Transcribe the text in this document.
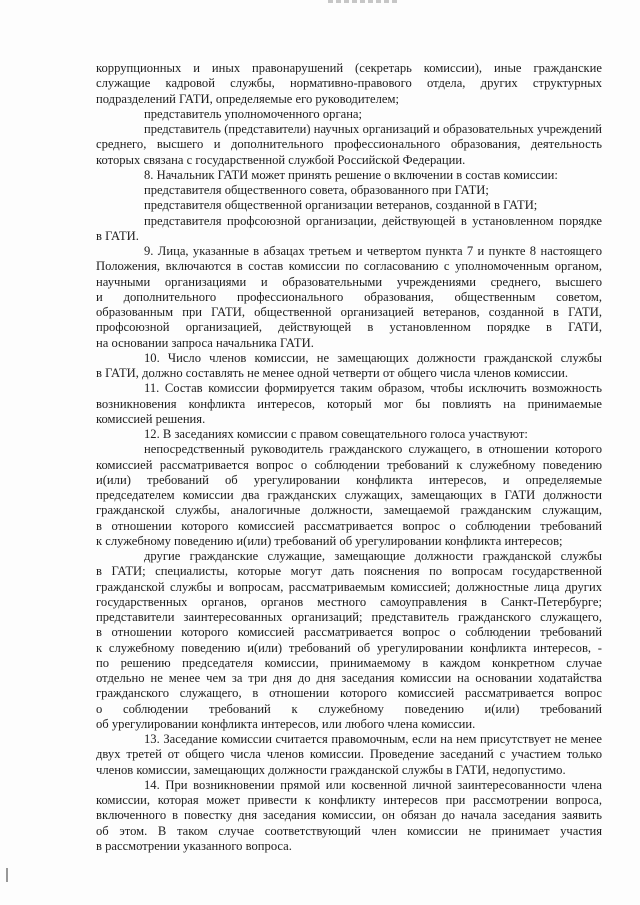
коррупционных и иных правонарушений (секретарь комиссии), иные гражданские
служащие кадровой службы, нормативно-правового отдела, других структурных
подразделений ГАТИ, определяемые его руководителем;
представитель уполномоченного органа;
представитель (представители) научных организаций и образовательных учреждений
среднего, высшего и дополнительного профессионального образования, деятельность
которых связана с государственной службой Российской Федерации.
8. Начальник ГАТИ может принять решение о включении в состав комиссии:
представителя общественного совета, образованного при ГАТИ;
представителя общественной организации ветеранов, созданной в ГАТИ;
представителя профсоюзной организации, действующей в установленном порядке
в ГАТИ.
9. Лица, указанные в абзацах третьем и четвертом пункта 7 и пункте 8 настоящего
Положения, включаются в состав комиссии по согласованию с уполномоченным органом,
научными организациями и образовательными учреждениями среднего, высшего
и дополнительного профессионального образования, общественным советом,
образованным при ГАТИ, общественной организацией ветеранов, созданной в ГАТИ,
профсоюзной организацией, действующей в установленном порядке в ГАТИ,
на основании запроса начальника ГАТИ.
10. Число членов комиссии, не замещающих должности гражданской службы
в ГАТИ, должно составлять не менее одной четверти от общего числа членов комиссии.
11. Состав комиссии формируется таким образом, чтобы исключить возможность
возникновения конфликта интересов, который мог бы повлиять на принимаемые
комиссией решения.
12. В заседаниях комиссии с правом совещательного голоса участвуют:
непосредственный руководитель гражданского служащего, в отношении которого
комиссией рассматривается вопрос о соблюдении требований к служебному поведению
и(или) требований об урегулировании конфликта интересов, и определяемые
председателем комиссии два гражданских служащих, замещающих в ГАТИ должности
гражданской службы, аналогичные должности, замещаемой гражданским служащим,
в отношении которого комиссией рассматривается вопрос о соблюдении требований
к служебному поведению и(или) требований об урегулировании конфликта интересов;
другие гражданские служащие, замещающие должности гражданской службы
в ГАТИ; специалисты, которые могут дать пояснения по вопросам государственной
гражданской службы и вопросам, рассматриваемым комиссией; должностные лица других
государственных органов, органов местного самоуправления в Санкт-Петербурге;
представители заинтересованных организаций; представитель гражданского служащего,
в отношении которого комиссией рассматривается вопрос о соблюдении требований
к служебному поведению и(или) требований об урегулировании конфликта интересов, -
по решению председателя комиссии, принимаемому в каждом конкретном случае
отдельно не менее чем за три дня до дня заседания комиссии на основании ходатайства
гражданского служащего, в отношении которого комиссией рассматривается вопрос
о соблюдении требований к служебному поведению и(или) требований
об урегулировании конфликта интересов, или любого члена комиссии.
13. Заседание комиссии считается правомочным, если на нем присутствует не менее
двух третей от общего числа членов комиссии. Проведение заседаний с участием только
членов комиссии, замещающих должности гражданской службы в ГАТИ, недопустимо.
14. При возникновении прямой или косвенной личной заинтересованности члена
комиссии, которая может привести к конфликту интересов при рассмотрении вопроса,
включенного в повестку дня заседания комиссии, он обязан до начала заседания заявить
об этом. В таком случае соответствующий член комиссии не принимает участия
в рассмотрении указанного вопроса.
